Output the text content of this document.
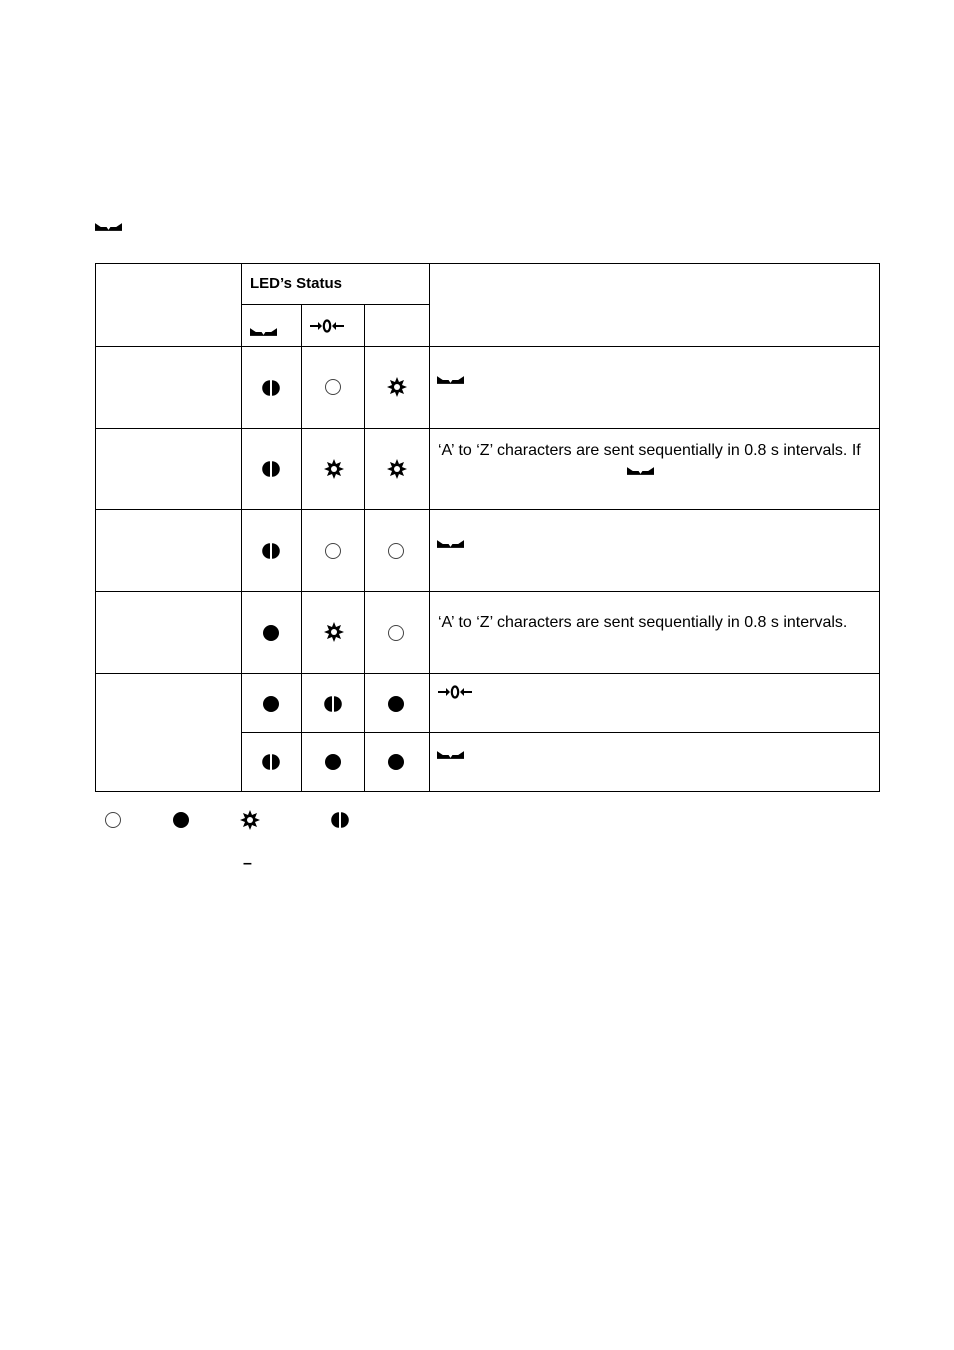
LED’s Status
‘A’ to ‘Z’ characters are sent sequentially in 0.8 s intervals. If
‘A’ to ‘Z’ characters are sent sequentially in 0.8 s intervals.
–
